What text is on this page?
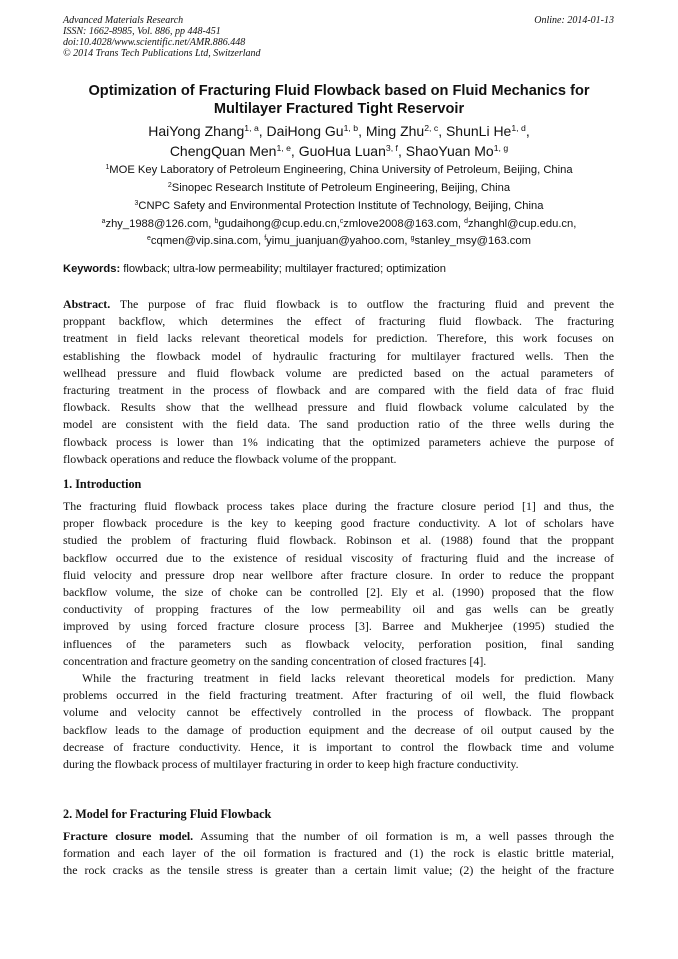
Advanced Materials Research
ISSN: 1662-8985, Vol. 886, pp 448-451
doi:10.4028/www.scientific.net/AMR.886.448
© 2014 Trans Tech Publications Ltd, Switzerland
Online: 2014-01-13
Optimization of Fracturing Fluid Flowback based on Fluid Mechanics for
Multilayer Fractured Tight Reservoir
HaiYong Zhang$^{1, a}$, DaiHong Gu$^{1, b}$, Ming Zhu$^{2, c}$, ShunLi He$^{1, d}$,
ChengQuan Men$^{1, e}$, GuoHua Luan$^{3, f}$, ShaoYuan Mo$^{1, g}$
$^1$MOE Key Laboratory of Petroleum Engineering, China University of Petroleum, Beijing, China
$^2$Sinopec Research Institute of Petroleum Engineering, Beijing, China
$^3$CNPC Safety and Environmental Protection Institute of Technology, Beijing, China
$^a$zhy_1988@126.com, $^b$gudaihong@cup.edu.cn,$^c$zmlove2008@163.com, $^d$zhanghl@cup.edu.cn,
$^e$cqmen@vip.sina.com, $^f$yimu_juanjuan@yahoo.com, $^g$stanley_msy@163.com
Keywords: flowback; ultra-low permeability; multilayer fractured; optimization
Abstract. The purpose of frac fluid flowback is to outflow the fracturing fluid and prevent the
proppant backflow, which determines the effect of fracturing fluid flowback. The fracturing
treatment in field lacks relevant theoretical models for prediction. Therefore, this work focuses on
establishing the flowback model of hydraulic fracturing for multilayer fractured wells. Then the
wellhead pressure and fluid flowback volume are predicted based on the actual parameters of
fracturing treatment in the process of flowback and are compared with the field data of frac fluid
flowback. Results show that the wellhead pressure and fluid flowback volume calculated by the
model are consistent with the field data. The sand production ratio of the three wells during the
flowback process is lower than 1% indicating that the optimized parameters achieve the purpose of
flowback operations and reduce the flowback volume of the proppant.
1. Introduction
The fracturing fluid flowback process takes place during the fracture closure period [1] and thus, the
proper flowback procedure is the key to keeping good fracture conductivity. A lot of scholars have
studied the problem of fracturing fluid flowback. Robinson et al. (1988) found that the proppant
backflow occurred due to the existence of residual viscosity of fracturing fluid and the increase of
fluid velocity and pressure drop near wellbore after fracture closure. In order to reduce the proppant
backflow volume, the size of choke can be controlled [2]. Ely et al. (1990) proposed that the flow
conductivity of propping fractures of the low permeability oil and gas wells can be greatly
improved by using forced fracture closure process [3]. Barree and Mukherjee (1995) studied the
influences of the parameters such as flowback velocity, perforation position, final sanding
concentration and fracture geometry on the sanding concentration of closed fractures [4].
While the fracturing treatment in field lacks relevant theoretical models for prediction. Many
problems occurred in the field fracturing treatment. After fracturing of oil well, the fluid flowback
volume and velocity cannot be effectively controlled in the process of flowback. The proppant
backflow leads to the damage of production equipment and the decrease of oil output caused by the
decrease of fracture conductivity. Hence, it is important to control the flowback time and volume
during the flowback process of multilayer fracturing in order to keep high fracture conductivity.
2. Model for Fracturing Fluid Flowback
Fracture closure model. Assuming that the number of oil formation is m, a well passes through the
formation and each layer of the oil formation is fractured and (1) the rock is elastic brittle material,
the rock cracks as the tensile stress is greater than a certain limit value; (2) the height of the fracture
